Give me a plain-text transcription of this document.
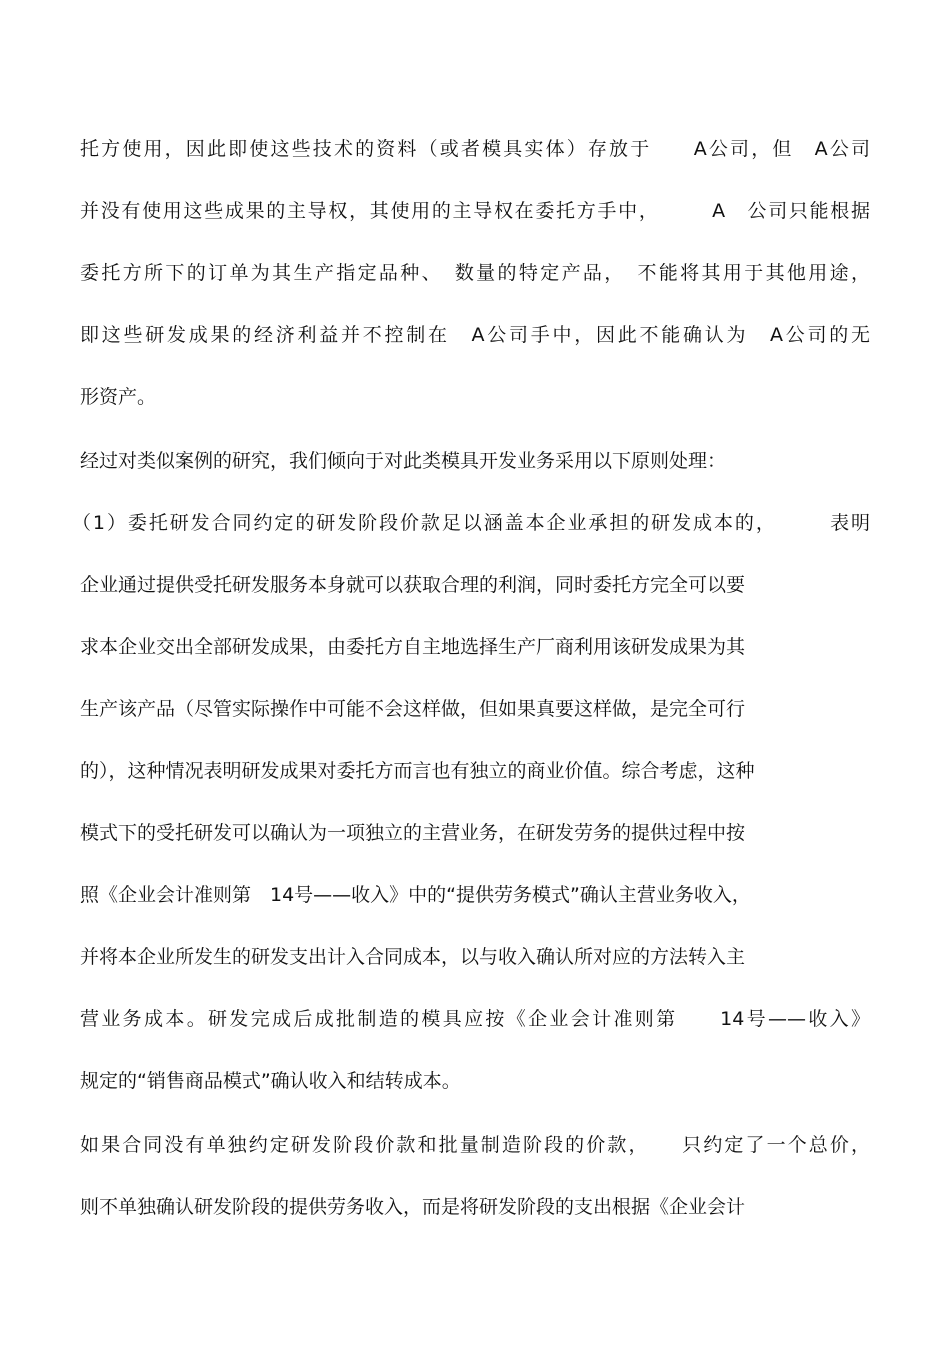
托方使用，因此即使这些技术的资料（或者模具实体）存放于　　A公司，但　A公司
并没有使用这些成果的主导权，其使用的主导权在委托方手中，　　　A　公司只能根据
委托方所下的订单为其生产指定品种、　数量的特定产品，　不能将其用于其他用途，
即这些研发成果的经济利益并不控制在　A公司手中，因此不能确认为　A公司的无
形资产。
经过对类似案例的研究，我们倾向于对此类模具开发业务采用以下原则处理：
（1）委托研发合同约定的研发阶段价款足以涵盖本企业承担的研发成本的，　　　表明
企业通过提供受托研发服务本身就可以获取合理的利润，同时委托方完全可以要
求本企业交出全部研发成果，由委托方自主地选择生产厂商利用该研发成果为其
生产该产品（尽管实际操作中可能不会这样做，但如果真要这样做，是完全可行
的），这种情况表明研发成果对委托方而言也有独立的商业价值。综合考虑，这种
模式下的受托研发可以确认为一项独立的主营业务，在研发劳务的提供过程中按
照《企业会计准则第　14号——收入》中的“提供劳务模式”确认主营业务收入，
并将本企业所发生的研发支出计入合同成本，以与收入确认所对应的方法转入主
营业务成本。研发完成后成批制造的模具应按《企业会计准则第　　14号——收入》
规定的“销售商品模式”确认收入和结转成本。
如果合同没有单独约定研发阶段价款和批量制造阶段的价款，　　只约定了一个总价，
则不单独确认研发阶段的提供劳务收入，而是将研发阶段的支出根据《企业会计
